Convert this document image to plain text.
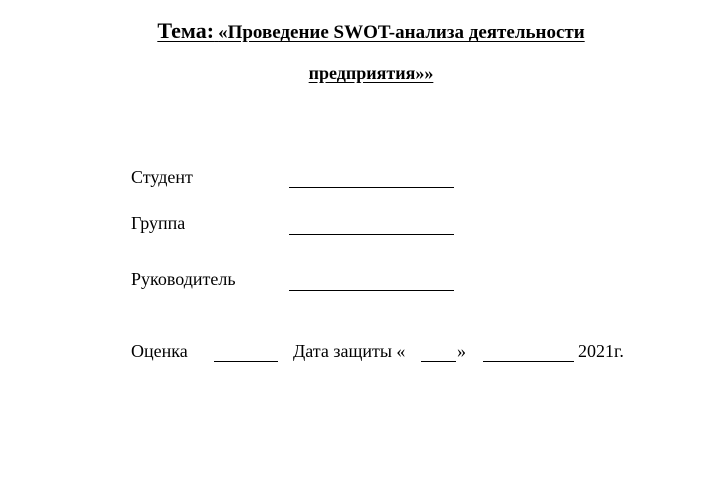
Тема: «Проведение SWOT-анализа деятельности
предприятия»»
Студент
Группа
Руководитель
Оценка	Дата защиты «	»	2021г.
